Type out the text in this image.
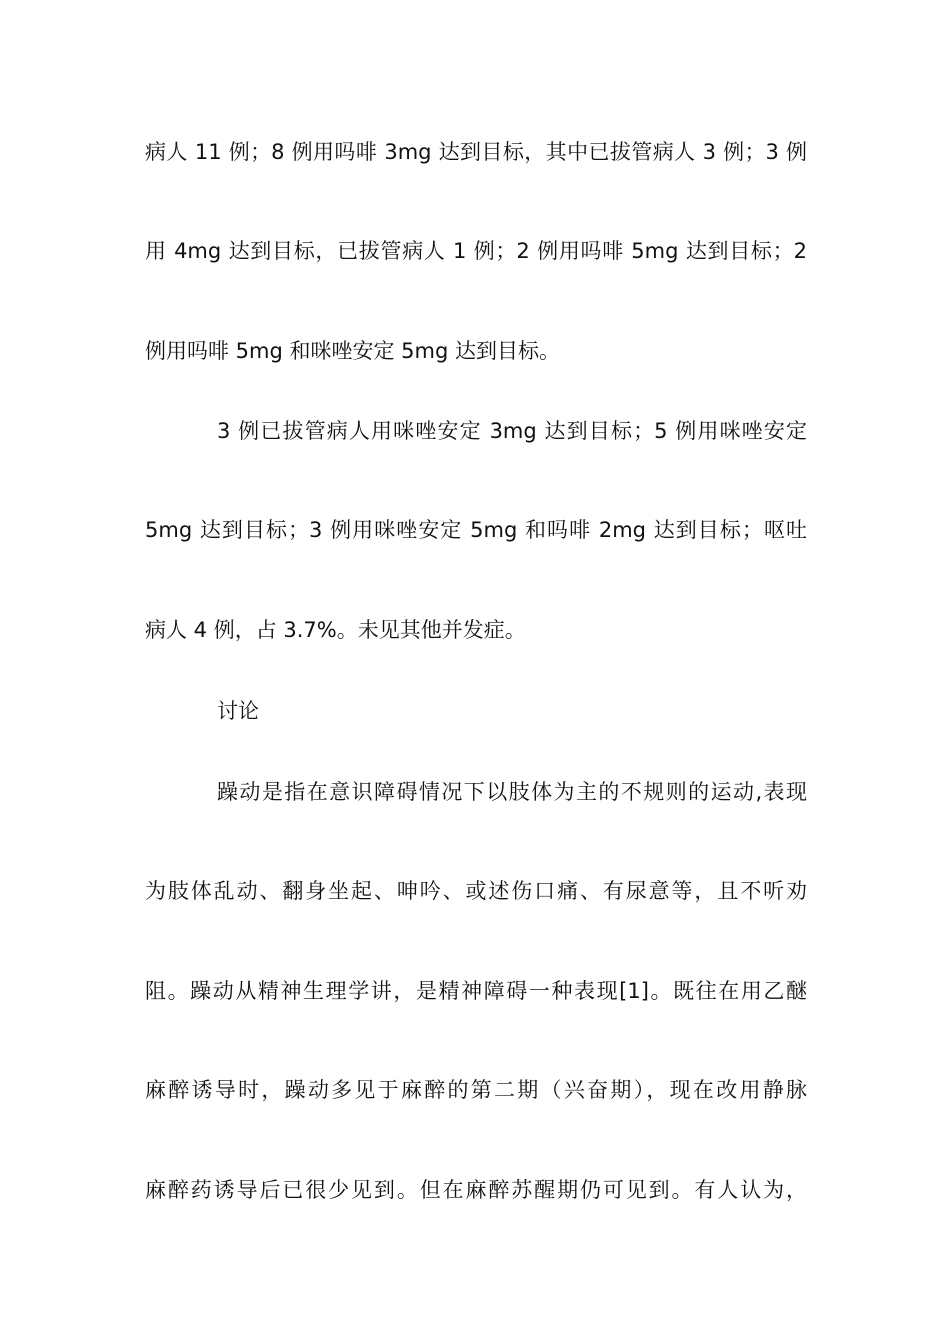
病人 11 例；8 例用吗啡 3mg 达到目标，其中已拔管病人 3 例；3 例
用 4mg 达到目标，已拔管病人 1 例；2 例用吗啡 5mg 达到目标；2
例用吗啡 5mg 和咪唑安定 5mg 达到目标。
3 例已拔管病人用咪唑安定 3mg 达到目标；5 例用咪唑安定
5mg 达到目标；3 例用咪唑安定 5mg 和吗啡 2mg 达到目标；呕吐
病人 4 例，占 3.7%。未见其他并发症。
讨论
躁动是指在意识障碍情况下以肢体为主的不规则的运动,表现
为肢体乱动、翻身坐起、呻吟、或述伤口痛、有尿意等，且不听劝
阻。躁动从精神生理学讲，是精神障碍一种表现[1]。既往在用乙醚
麻醉诱导时，躁动多见于麻醉的第二期（兴奋期），现在改用静脉
麻醉药诱导后已很少见到。但在麻醉苏醒期仍可见到。有人认为，
